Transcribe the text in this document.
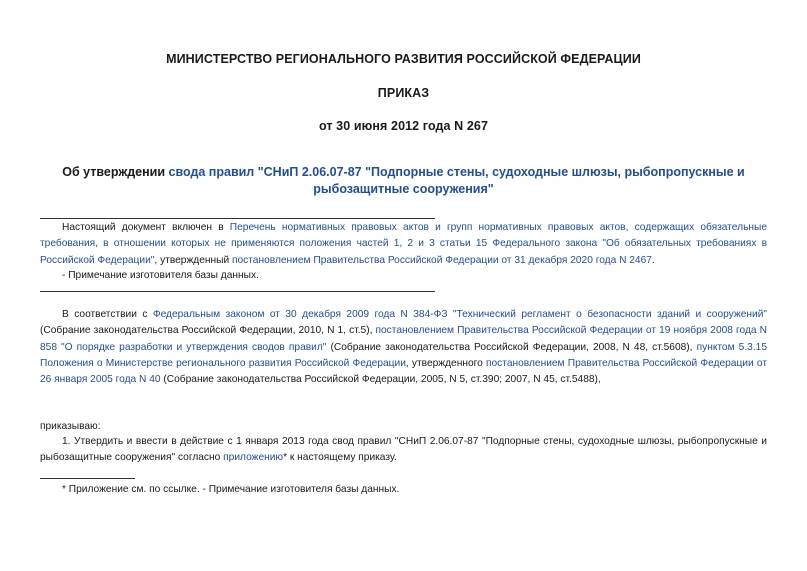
МИНИСТЕРСТВО РЕГИОНАЛЬНОГО РАЗВИТИЯ РОССИЙСКОЙ ФЕДЕРАЦИИ
ПРИКАЗ
от 30 июня 2012 года N 267
Об утверждении свода правил "СНиП 2.06.07-87 "Подпорные стены, судоходные шлюзы, рыбопропускные и рыбозащитные сооружения"
Настоящий документ включен в Перечень нормативных правовых актов и групп нормативных правовых актов, содержащих обязательные требования, в отношении которых не применяются положения частей 1, 2 и 3 статьи 15 Федерального закона "Об обязательных требованиях в Российской Федерации", утвержденный постановлением Правительства Российской Федерации от 31 декабря 2020 года N 2467.
- Примечание изготовителя базы данных.
В соответствии с Федеральным законом от 30 декабря 2009 года N 384-ФЗ "Технический регламент о безопасности зданий и сооружений" (Собрание законодательства Российской Федерации, 2010, N 1, ст.5), постановлением Правительства Российской Федерации от 19 ноября 2008 года N 858 "О порядке разработки и утверждения сводов правил" (Собрание законодательства Российской Федерации, 2008, N 48, ст.5608), пунктом 5.3.15 Положения о Министерстве регионального развития Российской Федерации, утвержденного постановлением Правительства Российской Федерации от 26 января 2005 года N 40 (Собрание законодательства Российской Федерации, 2005, N 5, ст.390; 2007, N 45, ст.5488),
приказываю:
1. Утвердить и ввести в действие с 1 января 2013 года свод правил "СНиП 2.06.07-87 "Подпорные стены, судоходные шлюзы, рыбопропускные и рыбозащитные сооружения" согласно приложению* к настоящему приказу.
* Приложение см. по ссылке. - Примечание изготовителя базы данных.
